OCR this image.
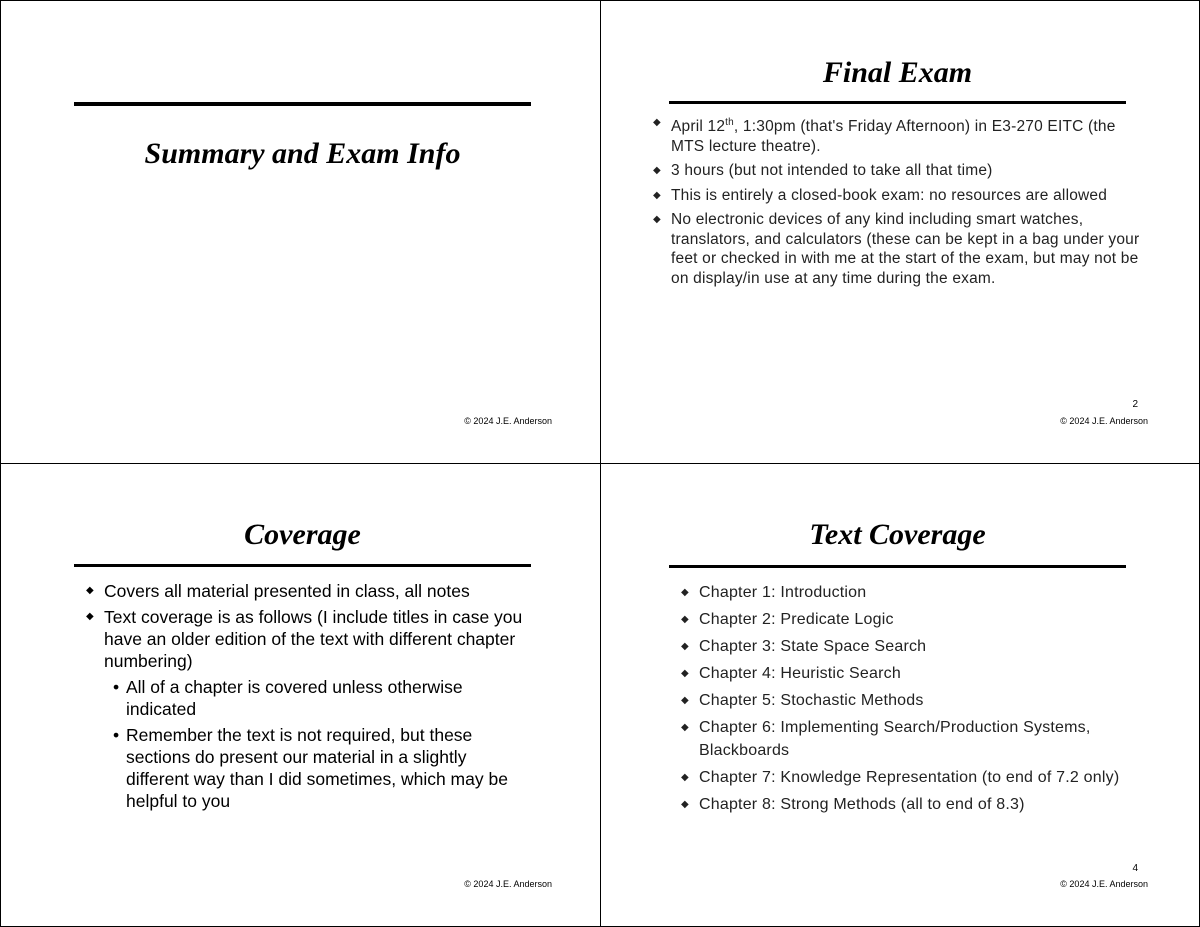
Summary and Exam Info
© 2024 J.E. Anderson
Final Exam
◆ April 12th, 1:30pm (that's Friday Afternoon) in E3-270 EITC (the MTS lecture theatre).
◆ 3 hours (but not intended to take all that time)
◆ This is entirely a closed-book exam: no resources are allowed
◆ No electronic devices of any kind including smart watches, translators, and calculators (these can be kept in a bag under your feet or checked in with me at the start of the exam, but may not be on display/in use at any time during the exam.
2
© 2024 J.E. Anderson
Coverage
◆ Covers all material presented in class, all notes
◆ Text coverage is as follows (I include titles in case you have an older edition of the text with different chapter numbering)
• All of a chapter is covered unless otherwise indicated
• Remember the text is not required, but these sections do present our material in a slightly different way than I did sometimes, which may be helpful to you
© 2024 J.E. Anderson
Text Coverage
◆ Chapter 1: Introduction
◆ Chapter 2: Predicate Logic
◆ Chapter 3: State Space Search
◆ Chapter 4: Heuristic Search
◆ Chapter 5: Stochastic Methods
◆ Chapter 6: Implementing Search/Production Systems, Blackboards
◆ Chapter 7: Knowledge Representation (to end of 7.2 only)
◆ Chapter 8: Strong Methods (all to end of 8.3)
4
© 2024 J.E. Anderson
